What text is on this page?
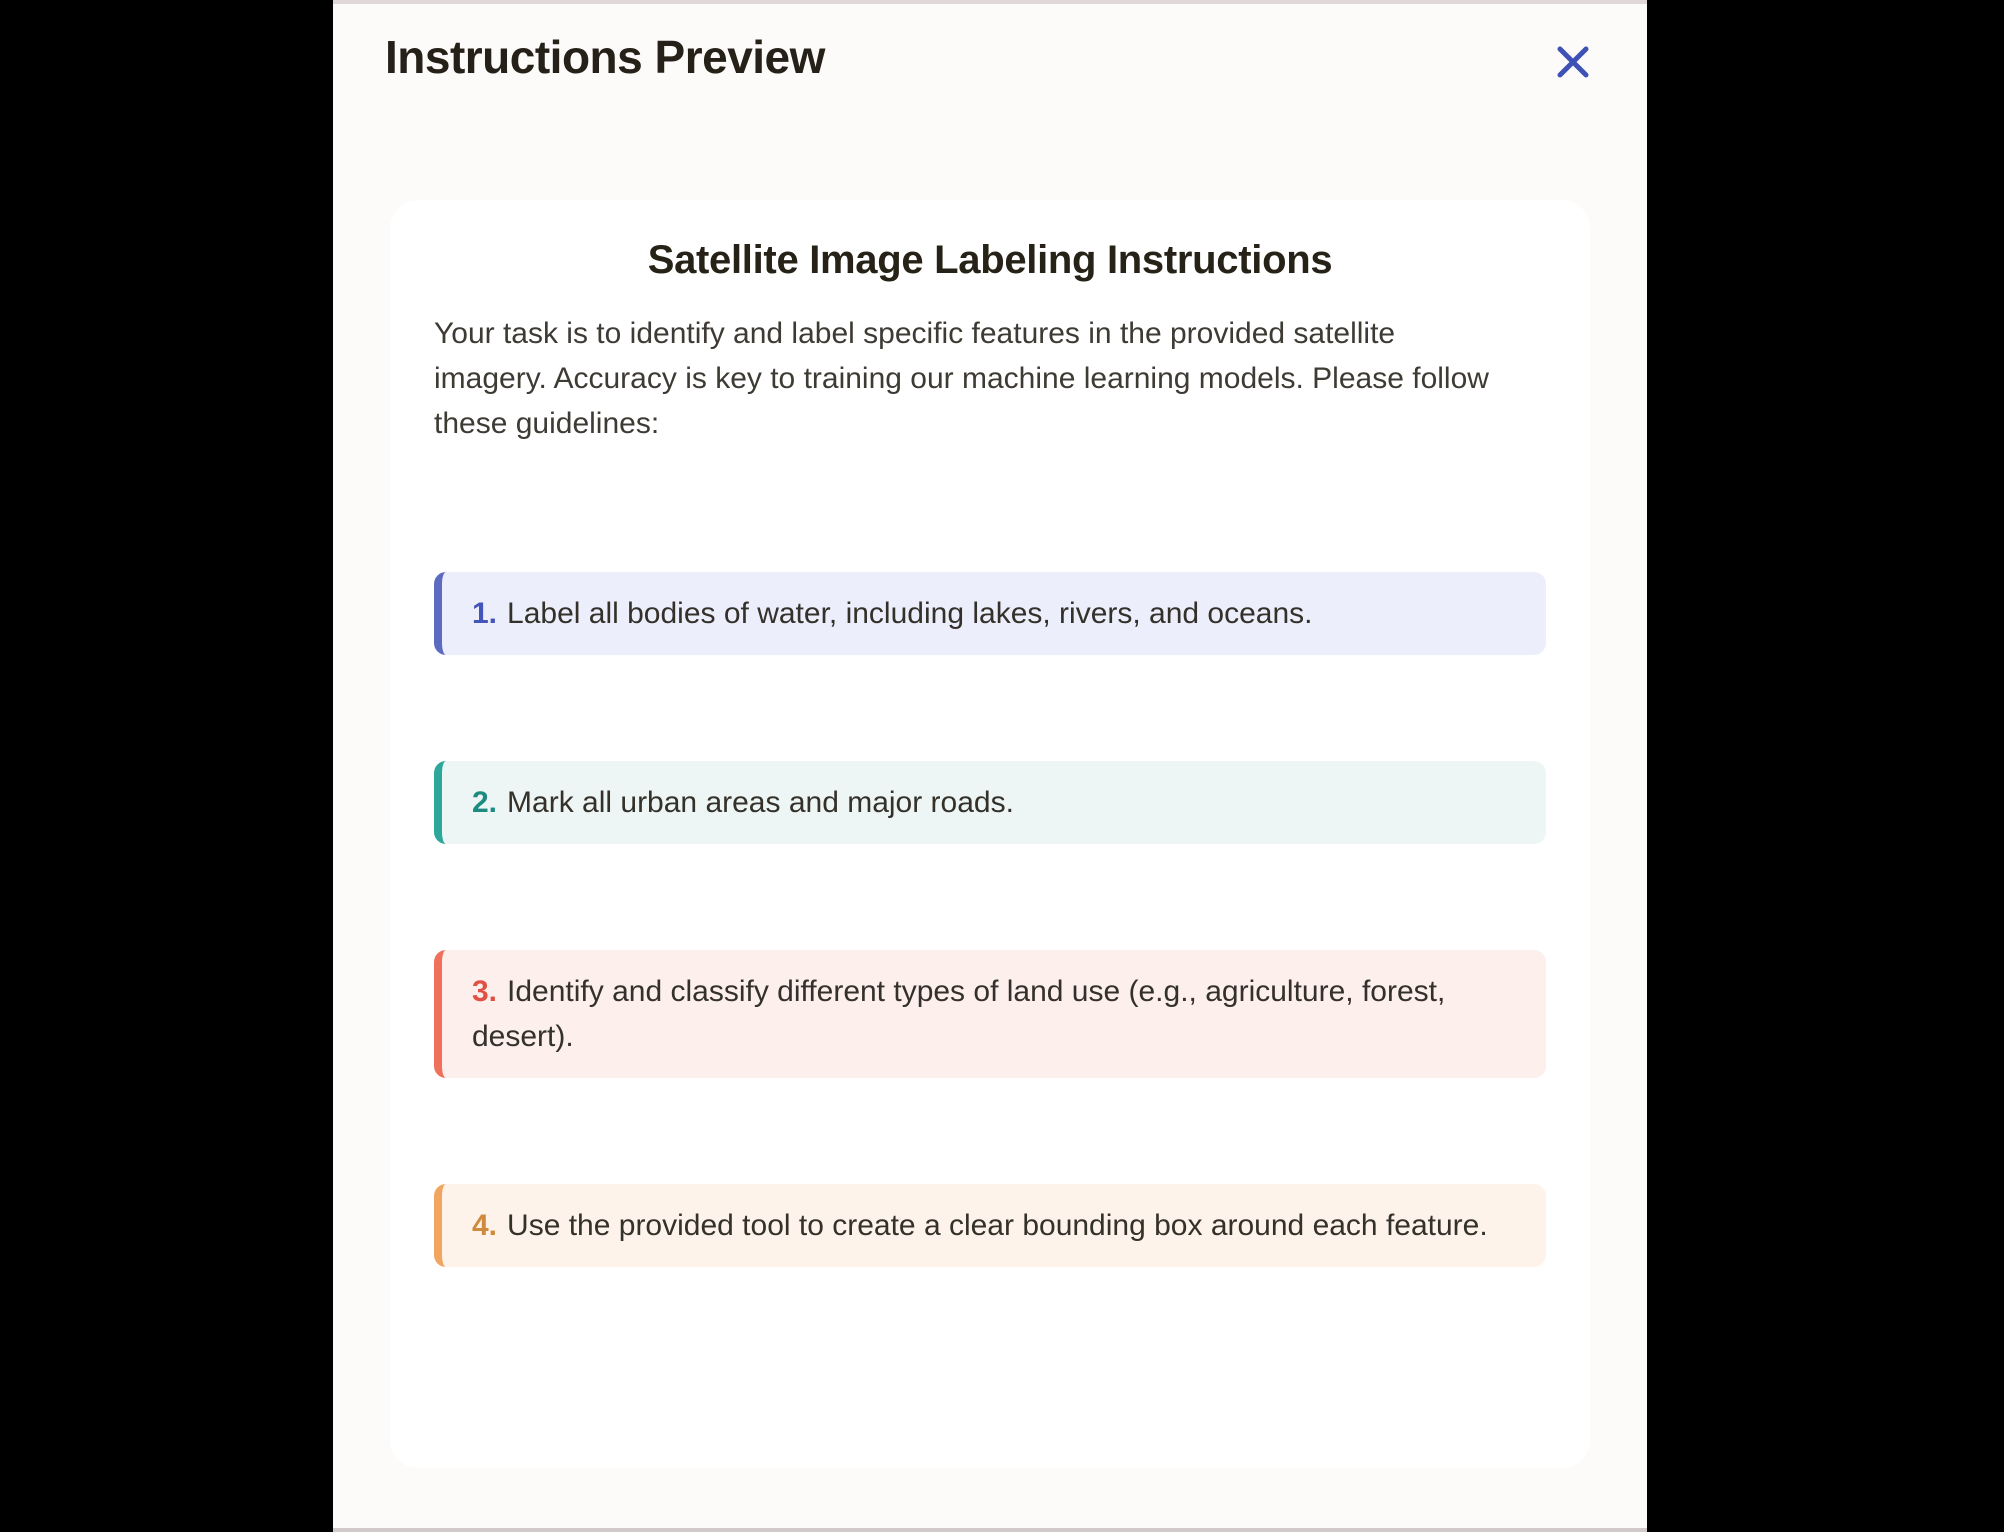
Instructions Preview
Satellite Image Labeling Instructions

Your task is to identify and label specific features in the provided satellite imagery. Accuracy is key to training our machine learning models. Please follow these guidelines:

1. Label all bodies of water, including lakes, rivers, and oceans.
2. Mark all urban areas and major roads.
3. Identify and classify different types of land use (e.g., agriculture, forest, desert).
4. Use the provided tool to create a clear bounding box around each feature.
